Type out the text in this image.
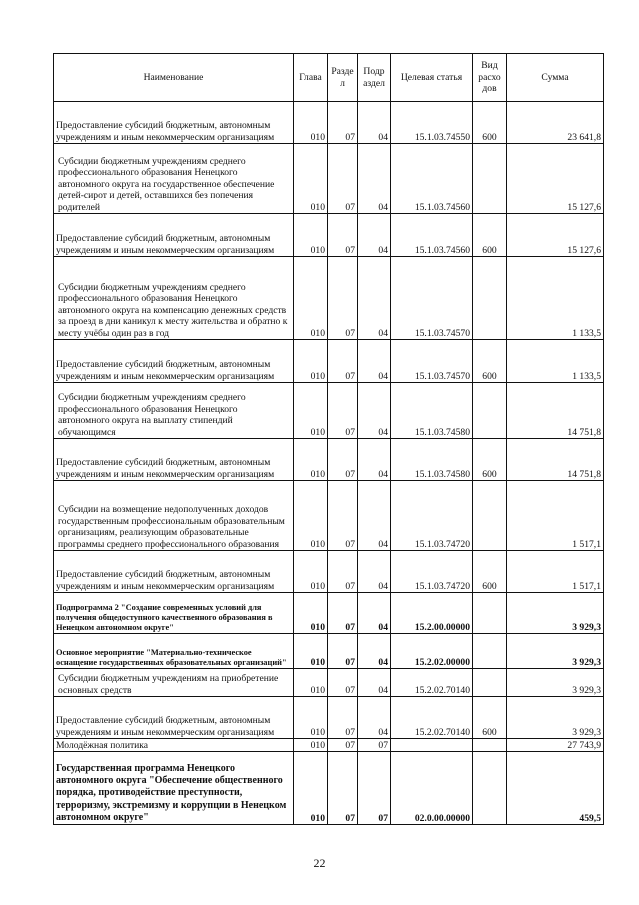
Наименование	Глава	Разде л	Подр аздел	Целевая статья	Вид расхо дов	Сумма
Предоставление субсидий бюджетным, автономным учреждениям и иным некоммерческим организациям	010	07	04	15.1.03.74550	600	23 641,8
Субсидии бюджетным учреждениям среднего профессионального образования Ненецкого автономного округа на государственное обеспечение детей-сирот и детей, оставшихся без попечения родителей	010	07	04	15.1.03.74560		15 127,6
Предоставление субсидий бюджетным, автономным учреждениям и иным некоммерческим организациям	010	07	04	15.1.03.74560	600	15 127,6
Субсидии бюджетным учреждениям среднего профессионального образования Ненецкого автономного округа на компенсацию денежных средств за проезд в дни каникул к месту жительства и обратно к месту учёбы один раз в год	010	07	04	15.1.03.74570		1 133,5
Предоставление субсидий бюджетным, автономным учреждениям и иным некоммерческим организациям	010	07	04	15.1.03.74570	600	1 133,5
Субсидии бюджетным учреждениям среднего профессионального образования Ненецкого автономного округа на выплату стипендий обучающимся	010	07	04	15.1.03.74580		14 751,8
Предоставление субсидий бюджетным, автономным учреждениям и иным некоммерческим организациям	010	07	04	15.1.03.74580	600	14 751,8
Субсидии на возмещение недополученных доходов государственным профессиональным образовательным организациям, реализующим образовательные программы среднего профессионального образования	010	07	04	15.1.03.74720		1 517,1
Предоставление субсидий бюджетным, автономным учреждениям и иным некоммерческим организациям	010	07	04	15.1.03.74720	600	1 517,1
Подпрограмма 2 "Создание современных условий для получения общедоступного качественного образования в Ненецком автономном округе"	010	07	04	15.2.00.00000		3 929,3
Основное мероприятие "Материально-техническое оснащение государственных образовательных организаций"	010	07	04	15.2.02.00000		3 929,3
Субсидии бюджетным учреждениям на приобретение основных средств	010	07	04	15.2.02.70140		3 929,3
Предоставление субсидий бюджетным, автономным учреждениям и иным некоммерческим организациям	010	07	04	15.2.02.70140	600	3 929,3
Молодёжная политика	010	07	07			27 743,9
Государственная программа Ненецкого автономного округа "Обеспечение общественного порядка, противодействие преступности, терроризму, экстремизму и коррупции в Ненецком автономном округе"	010	07	07	02.0.00.00000		459,5
22
